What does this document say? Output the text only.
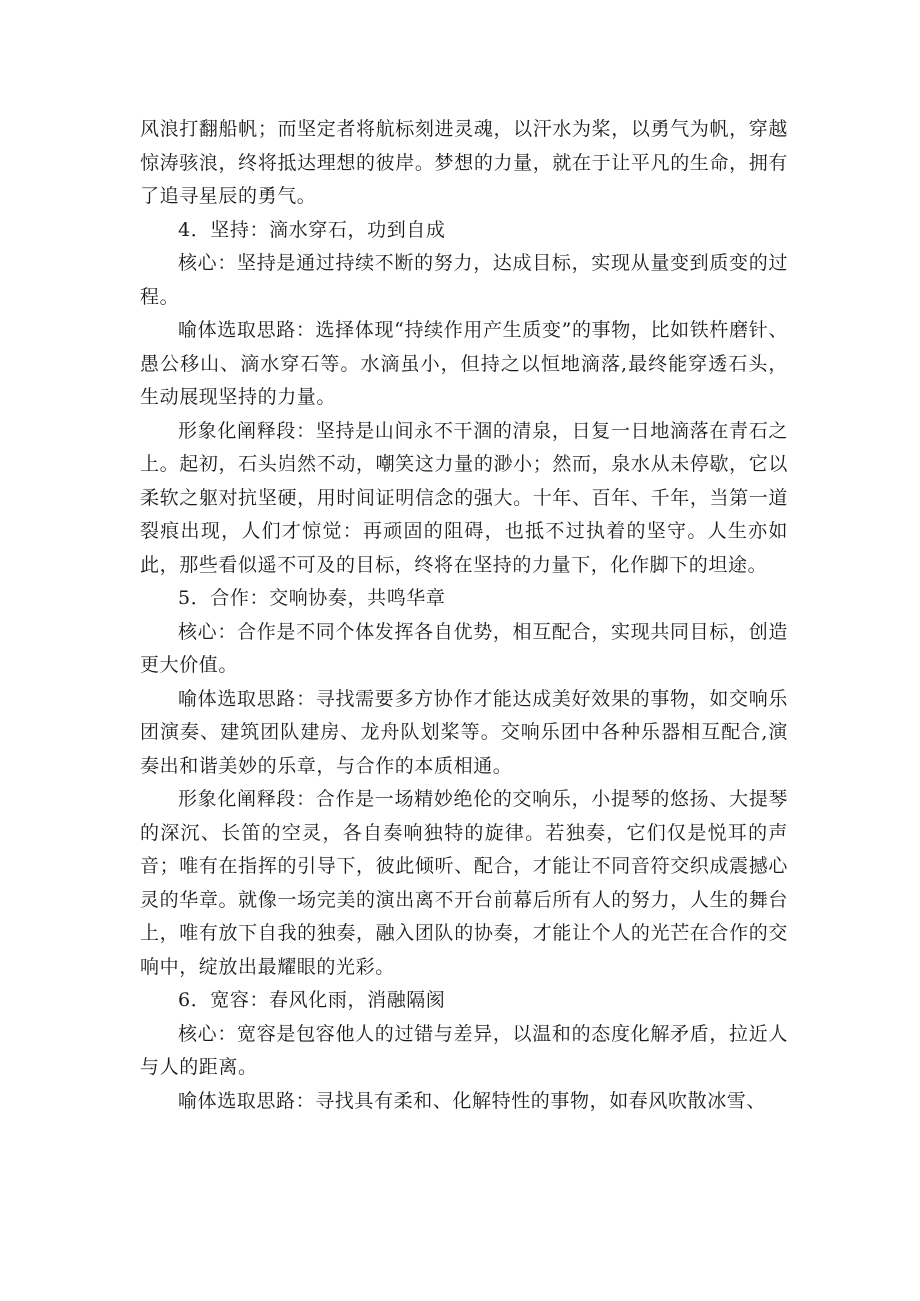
风浪打翻船帆；而坚定者将航标刻进灵魂，以汗水为桨，以勇气为帆，穿越惊涛骇浪，终将抵达理想的彼岸。梦想的力量，就在于让平凡的生命，拥有了追寻星辰的勇气。

4．坚持：滴水穿石，功到自成

核心：坚持是通过持续不断的努力，达成目标，实现从量变到质变的过程。

喻体选取思路：选择体现“持续作用产生质变”的事物，比如铁杵磨针、愚公移山、滴水穿石等。水滴虽小，但持之以恒地滴落,最终能穿透石头，生动展现坚持的力量。

形象化阐释段：坚持是山间永不干涸的清泉，日复一日地滴落在青石之上。起初，石头岿然不动，嘲笑这力量的渺小；然而，泉水从未停歇，它以柔软之躯对抗坚硬，用时间证明信念的强大。十年、百年、千年，当第一道裂痕出现，人们才惊觉：再顽固的阻碍，也抵不过执着的坚守。人生亦如此，那些看似遥不可及的目标，终将在坚持的力量下，化作脚下的坦途。

5．合作：交响协奏，共鸣华章

核心：合作是不同个体发挥各自优势，相互配合，实现共同目标，创造更大价值。

喻体选取思路：寻找需要多方协作才能达成美好效果的事物，如交响乐团演奏、建筑团队建房、龙舟队划桨等。交响乐团中各种乐器相互配合,演奏出和谐美妙的乐章，与合作的本质相通。

形象化阐释段：合作是一场精妙绝伦的交响乐，小提琴的悠扬、大提琴的深沉、长笛的空灵，各自奏响独特的旋律。若独奏，它们仅是悦耳的声音；唯有在指挥的引导下，彼此倾听、配合，才能让不同音符交织成震撼心灵的华章。就像一场完美的演出离不开台前幕后所有人的努力，人生的舞台上，唯有放下自我的独奏，融入团队的协奏，才能让个人的光芒在合作的交响中，绽放出最耀眼的光彩。

6．宽容：春风化雨，消融隔阂

核心：宽容是包容他人的过错与差异，以温和的态度化解矛盾，拉近人与人的距离。

喻体选取思路：寻找具有柔和、化解特性的事物，如春风吹散冰雪、
